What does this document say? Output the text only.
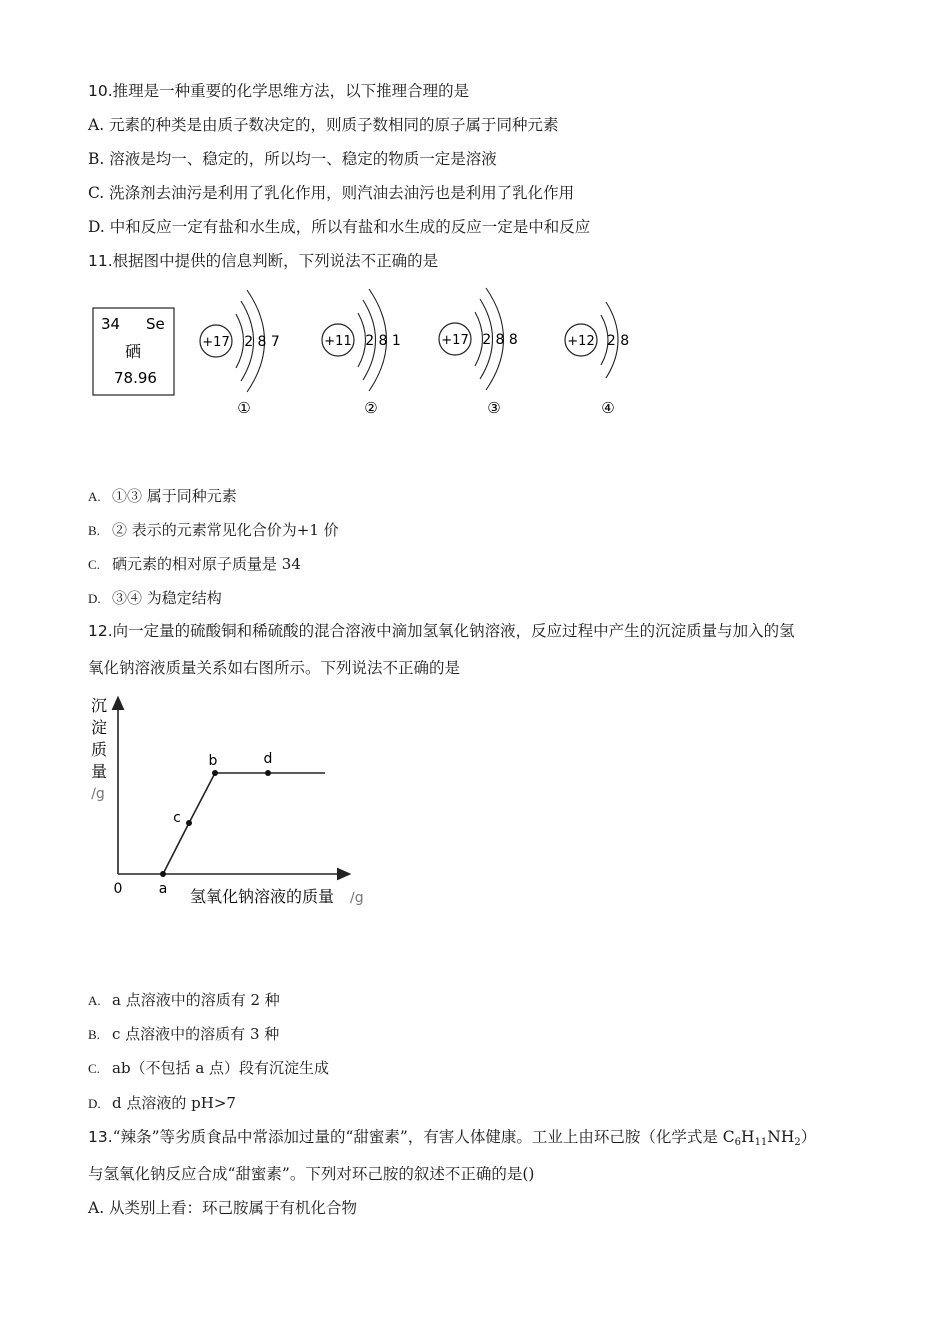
10.推理是一种重要的化学思维方法，以下推理合理的是
A. 元素的种类是由质子数决定的，则质子数相同的原子属于同种元素
B. 溶液是均一、稳定的，所以均一、稳定的物质一定是溶液
C. 洗涤剂去油污是利用了乳化作用，则汽油去油污也是利用了乳化作用
D. 中和反应一定有盐和水生成，所以有盐和水生成的反应一定是中和反应
11.根据图中提供的信息判断，下列说法不正确的是
34 Se
硒
78.96
+17 2 8 7
①
+11 2 8 1
②
+17 2 8 8
③
+12 2 8
④
A. ①③ 属于同种元素
B. ② 表示的元素常见化合价为+1 价
C. 硒元素的相对原子质量是 34
D. ③④ 为稳定结构
12.向一定量的硫酸铜和稀硫酸的混合溶液中滴加氢氧化钠溶液，反应过程中产生的沉淀质量与加入的氢
氧化钠溶液质量关系如右图所示。下列说法不正确的是
沉
淀
质
量
/g
a
b
c
d
0	氢氧化钠溶液的质量 /g
A. a 点溶液中的溶质有 2 种
B. c 点溶液中的溶质有 3 种
C. ab（不包括 a 点）段有沉淀生成
D. d 点溶液的 pH>7
13.“辣条”等劣质食品中常添加过量的“甜蜜素”，有害人体健康。工业上由环己胺（化学式是 $C_6H_{11}NH_2$）
与氢氧化钠反应合成“甜蜜素”。下列对环己胺的叙述不正确的是()
A. 从类别上看：环己胺属于有机化合物
